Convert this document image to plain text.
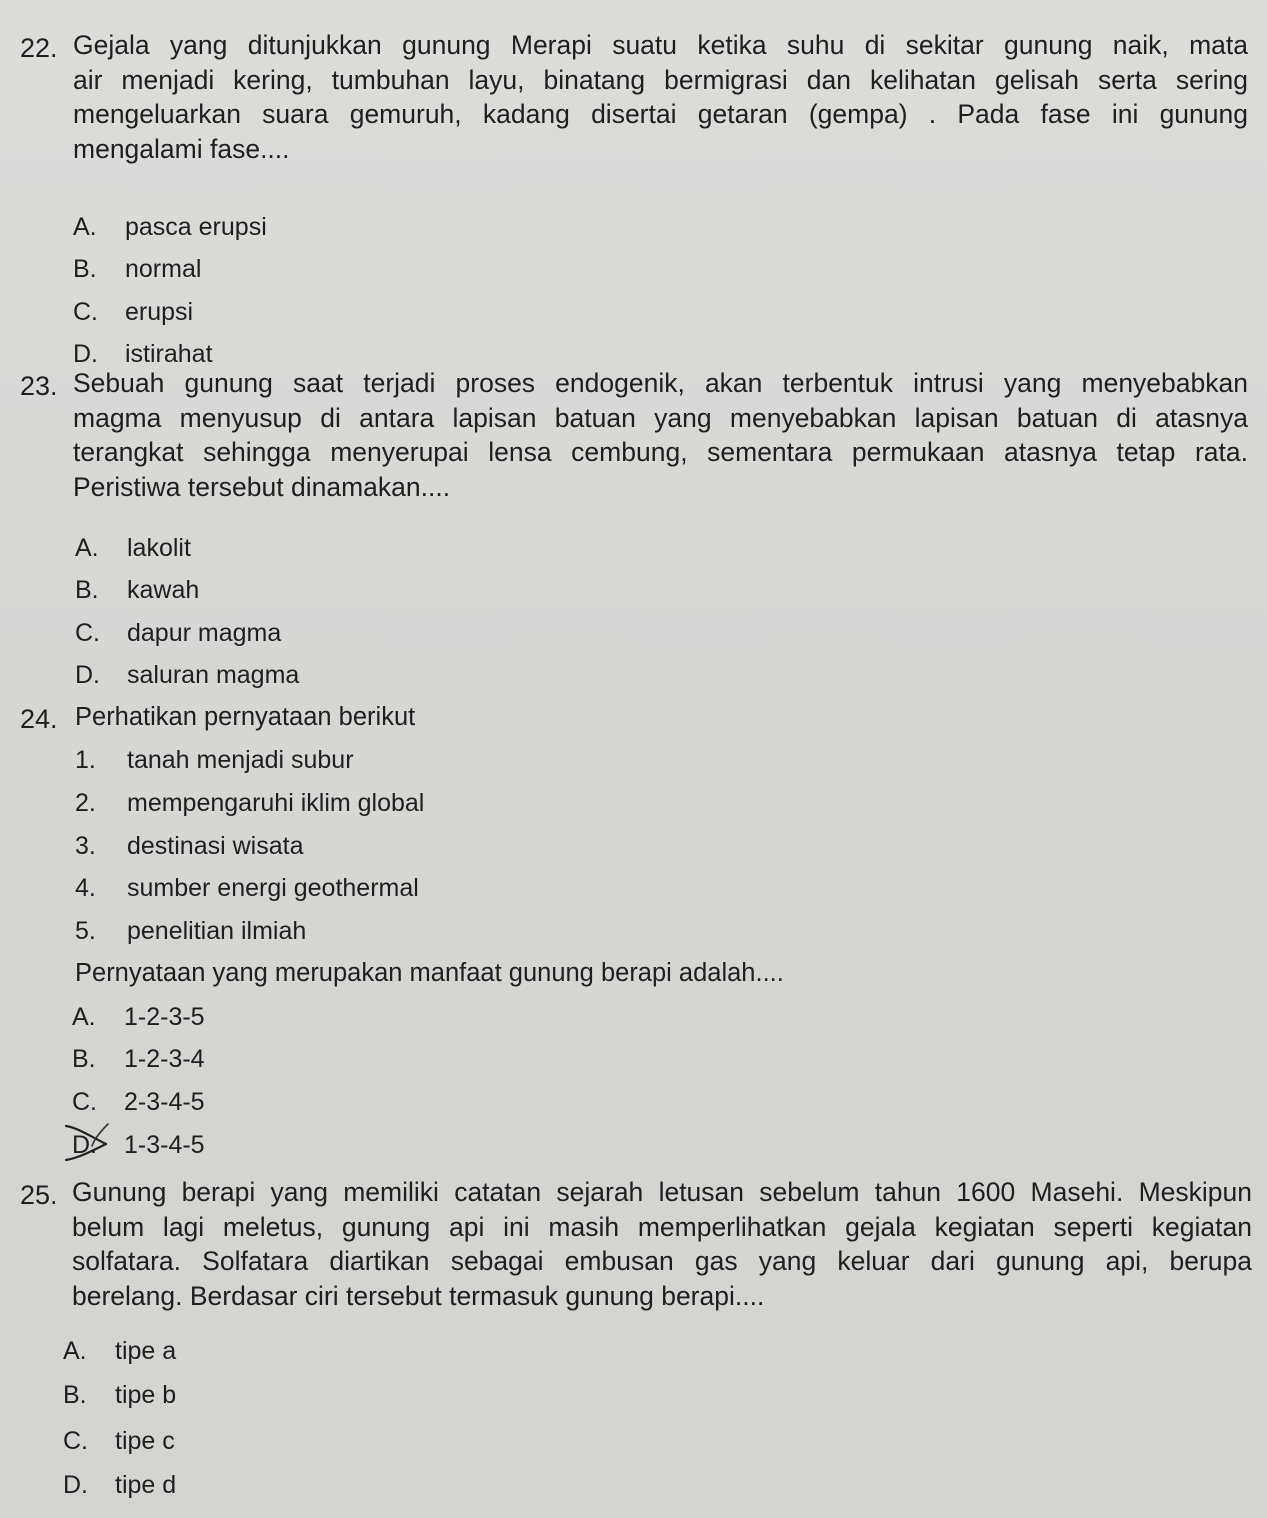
22. Gejala yang ditunjukkan gunung Merapi suatu ketika suhu di sekitar gunung naik, mata
air menjadi kering, tumbuhan layu, binatang bermigrasi dan kelihatan gelisah serta sering
mengeluarkan suara gemuruh, kadang disertai getaran (gempa) . Pada fase ini gunung
mengalami fase....
A. pasca erupsi
B. normal
C. erupsi
D. istirahat
23. Sebuah gunung saat terjadi proses endogenik, akan terbentuk intrusi yang menyebabkan
magma menyusup di antara lapisan batuan yang menyebabkan lapisan batuan di atasnya
terangkat sehingga menyerupai lensa cembung, sementara permukaan atasnya tetap rata.
Peristiwa tersebut dinamakan....
A. lakolit
B. kawah
C. dapur magma
D. saluran magma
24. Perhatikan pernyataan berikut
1. tanah menjadi subur
2. mempengaruhi iklim global
3. destinasi wisata
4. sumber energi geothermal
5. penelitian ilmiah
Pernyataan yang merupakan manfaat gunung berapi adalah....
A. 1-2-3-5
B. 1-2-3-4
C. 2-3-4-5
D. 1-3-4-5
25. Gunung berapi yang memiliki catatan sejarah letusan sebelum tahun 1600 Masehi. Meskipun
belum lagi meletus, gunung api ini masih memperlihatkan gejala kegiatan seperti kegiatan
solfatara. Solfatara diartikan sebagai embusan gas yang keluar dari gunung api, berupa
berelang. Berdasar ciri tersebut termasuk gunung berapi....
A. tipe a
B. tipe b
C. tipe c
D. tipe d
